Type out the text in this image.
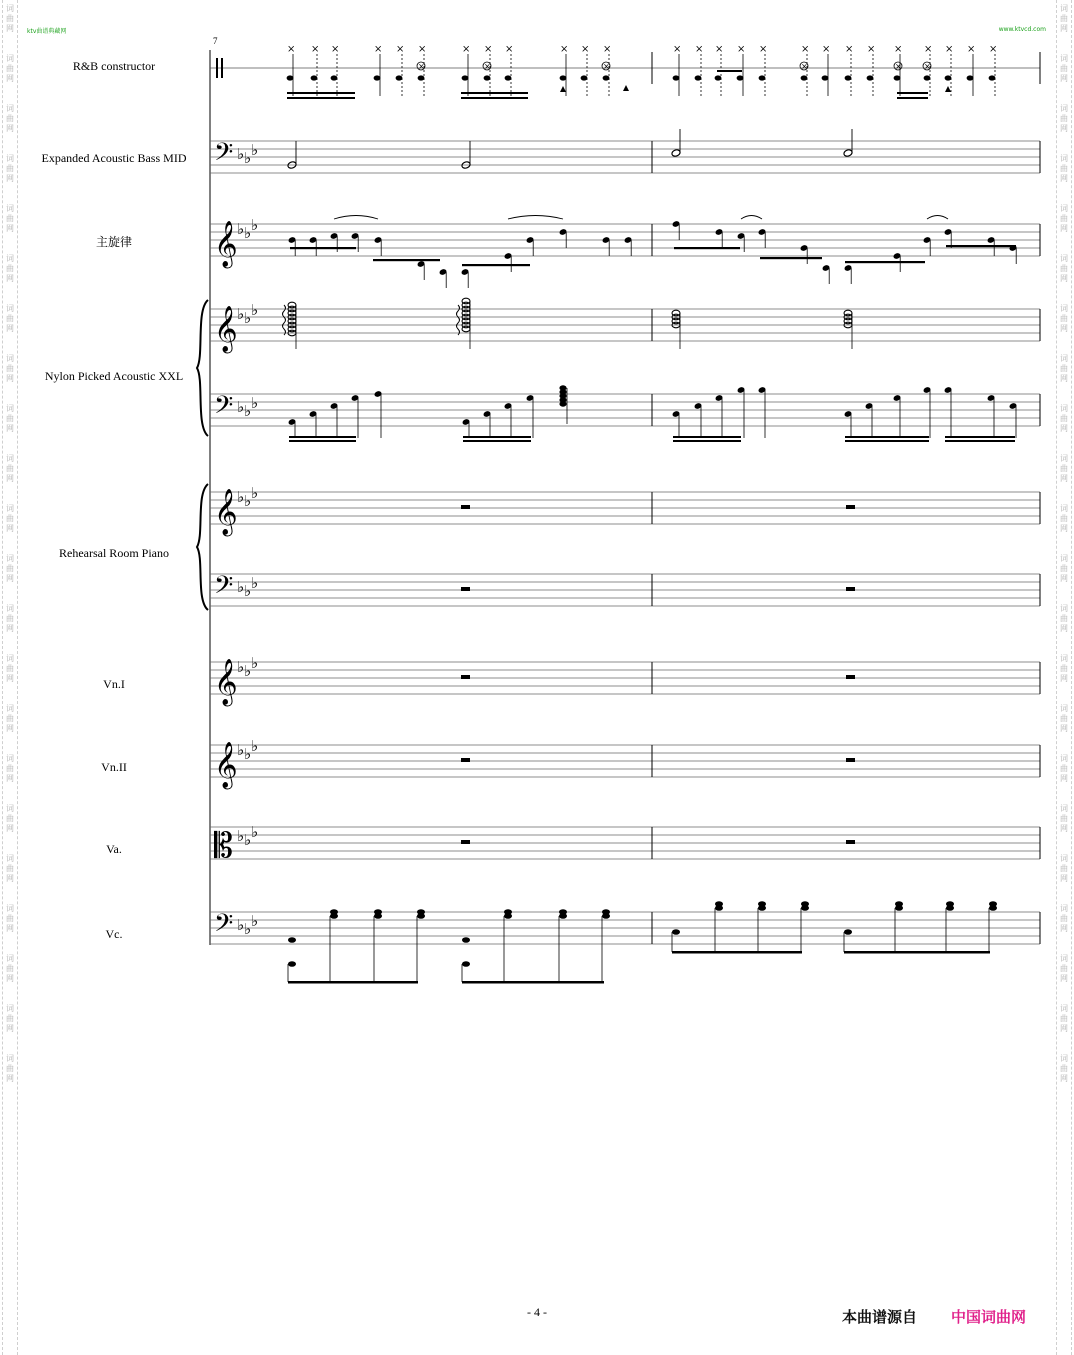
词
曲
网

词
曲
网

词
曲
网

词
曲
网

词
曲
网

词
曲
网

词
曲
网

词
曲
网

词
曲
网

词
曲
网

词
曲
网

词
曲
网

词
曲
网

词
曲
网

词
曲
网

词
曲
网

词
曲
网

词
曲
网

词
曲
网

词
曲
网

词
曲
网

词
曲
网

词
曲
网

词
曲
网

词
曲
网

词
曲
网

词
曲
网

词
曲
网

词
曲
网

词
曲
网

词
曲
网

词
曲
网

词
曲
网

词
曲
网

词
曲
网

词
曲
网

词
曲
网

词
曲
网

词
曲
网

词
曲
网

词
曲
网

词
曲
网

词
曲
网

词
曲
网

ktv曲谱典藏网	www.ktvcd.com
7
R&B constructor
Expanded Acoustic Bass MID
主旋律
Nylon Picked Acoustic XXL
Rehearsal Room Piano
Vn.I
Vn.II
Va.
Vc.
𝄢 ♭ ♭ ♭
𝄞 ♭ ♭ ♭
𝄞 ♭ ♭ ♭
𝄢 ♭ ♭ ♭
𝄞 ♭ ♭ ♭
𝄢 ♭ ♭ ♭
𝄞 ♭ ♭ ♭
𝄞 ♭ ♭ ♭
𝄡 ♭ ♭ ♭
𝄢 ♭ ♭ ♭
× × ×	× × ×	× × ×	× × ×	× × × × ×	× × × × × × × × ×
×	×	×	×	×	×
- 4 -	本曲谱源自 中国词曲网
